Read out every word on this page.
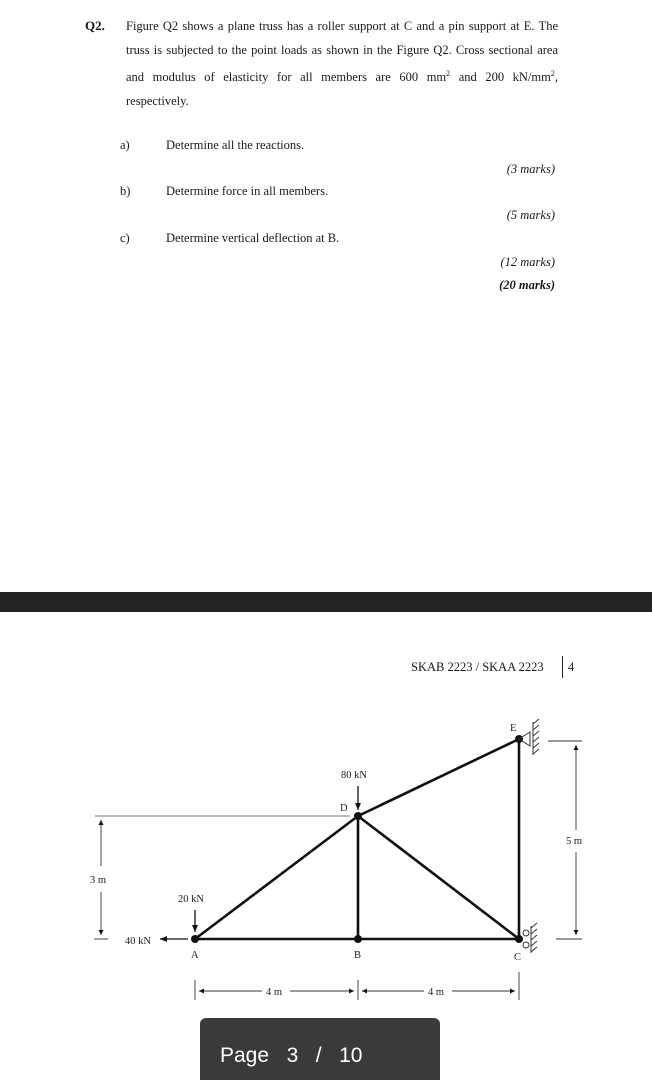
Q2. Figure Q2 shows a plane truss has a roller support at C and a pin support at E. The truss is subjected to the point loads as shown in the Figure Q2. Cross sectional area and modulus of elasticity for all members are 600 $mm^2$ and 200 $kN/mm^2$, respectively.
a)	Determine all the reactions.
(3 marks)
b)	Determine force in all members.
(5 marks)
c)	Determine vertical deflection at B.
(12 marks)
(20 marks)
SKAB 2223 / SKAA 2223 4
E
D
A	B	C
80 kN
20 kN
40 kN
3 m
5 m
4 m	4 m
Page 3 / 10
